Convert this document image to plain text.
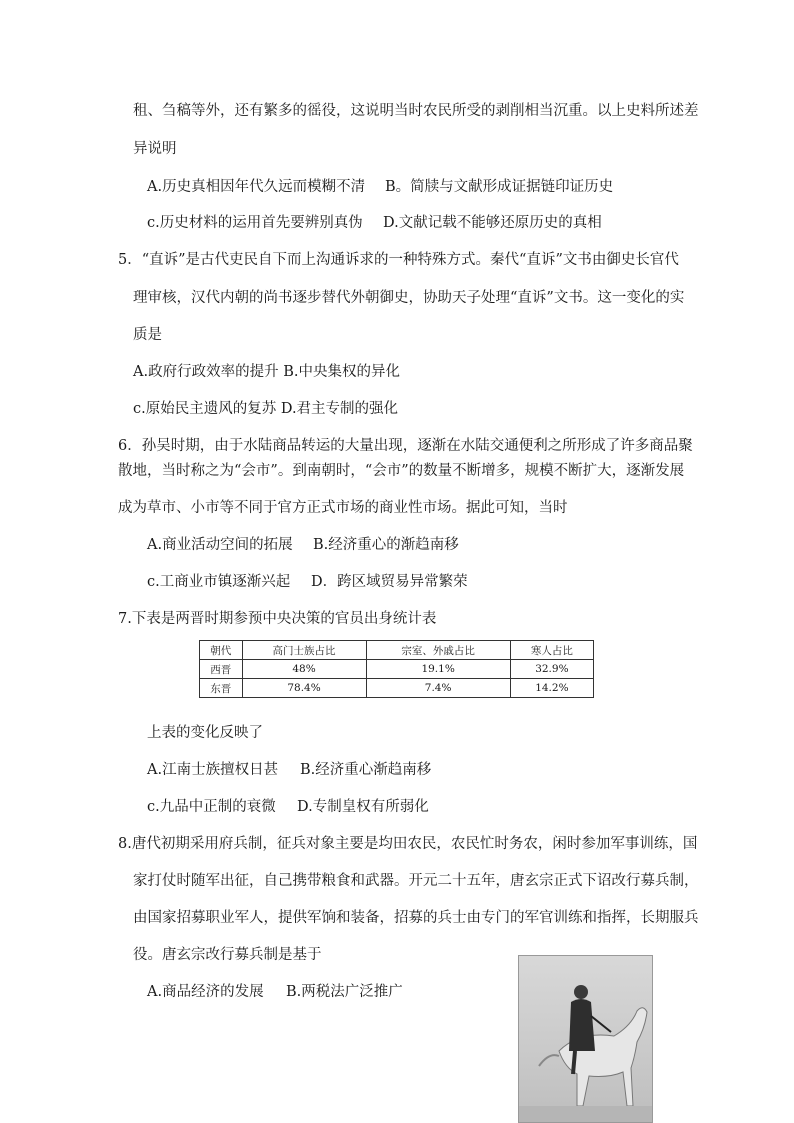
租、刍稿等外，还有繁多的徭役，这说明当时农民所受的剥削相当沉重。以上史料所述差
异说明
A.历史真相因年代久远而模糊不清 B。简牍与文献形成证据链印证历史
c.历史材料的运用首先要辨别真伪 D.文献记载不能够还原历史的真相
5．“直诉”是古代吏民自下而上沟通诉求的一种特殊方式。秦代“直诉”文书由御史长官代
理审核，汉代内朝的尚书逐步替代外朝御史，协助天子处理“直诉”文书。这一变化的实
质是
A.政府行政效率的提升 B.中央集权的异化
c.原始民主遗风的复苏 D.君主专制的强化
6．孙吴时期，由于水陆商品转运的大量出现，逐渐在水陆交通便利之所形成了许多商品聚
散地，当时称之为“会市”。到南朝时，“会市”的数量不断增多，规模不断扩大，逐渐发展
成为草市、小市等不同于官方正式市场的商业性市场。据此可知，当时
A.商业活动空间的拓展 B.经济重心的渐趋南移
c.工商业市镇逐渐兴起 D．跨区域贸易异常繁荣
7.下表是两晋时期参预中央决策的官员出身统计表
朝代	高门士族占比	宗室、外戚占比	寒人占比
西晋	48%	19.1%	32.9%
东晋	78.4%	7.4%	14.2%
上表的变化反映了
A.江南士族擅权日甚 B.经济重心渐趋南移
c.九品中正制的衰微 D.专制皇权有所弱化
8.唐代初期采用府兵制，征兵对象主要是均田农民，农民忙时务农，闲时参加军事训练，国
家打仗时随军出征，自己携带粮食和武器。开元二十五年，唐玄宗正式下诏改行募兵制，
由国家招募职业军人，提供军饷和装备，招募的兵士由专门的军官训练和指挥，长期服兵
役。唐玄宗改行募兵制是基于
A.商品经济的发展 B.两税法广泛推广
